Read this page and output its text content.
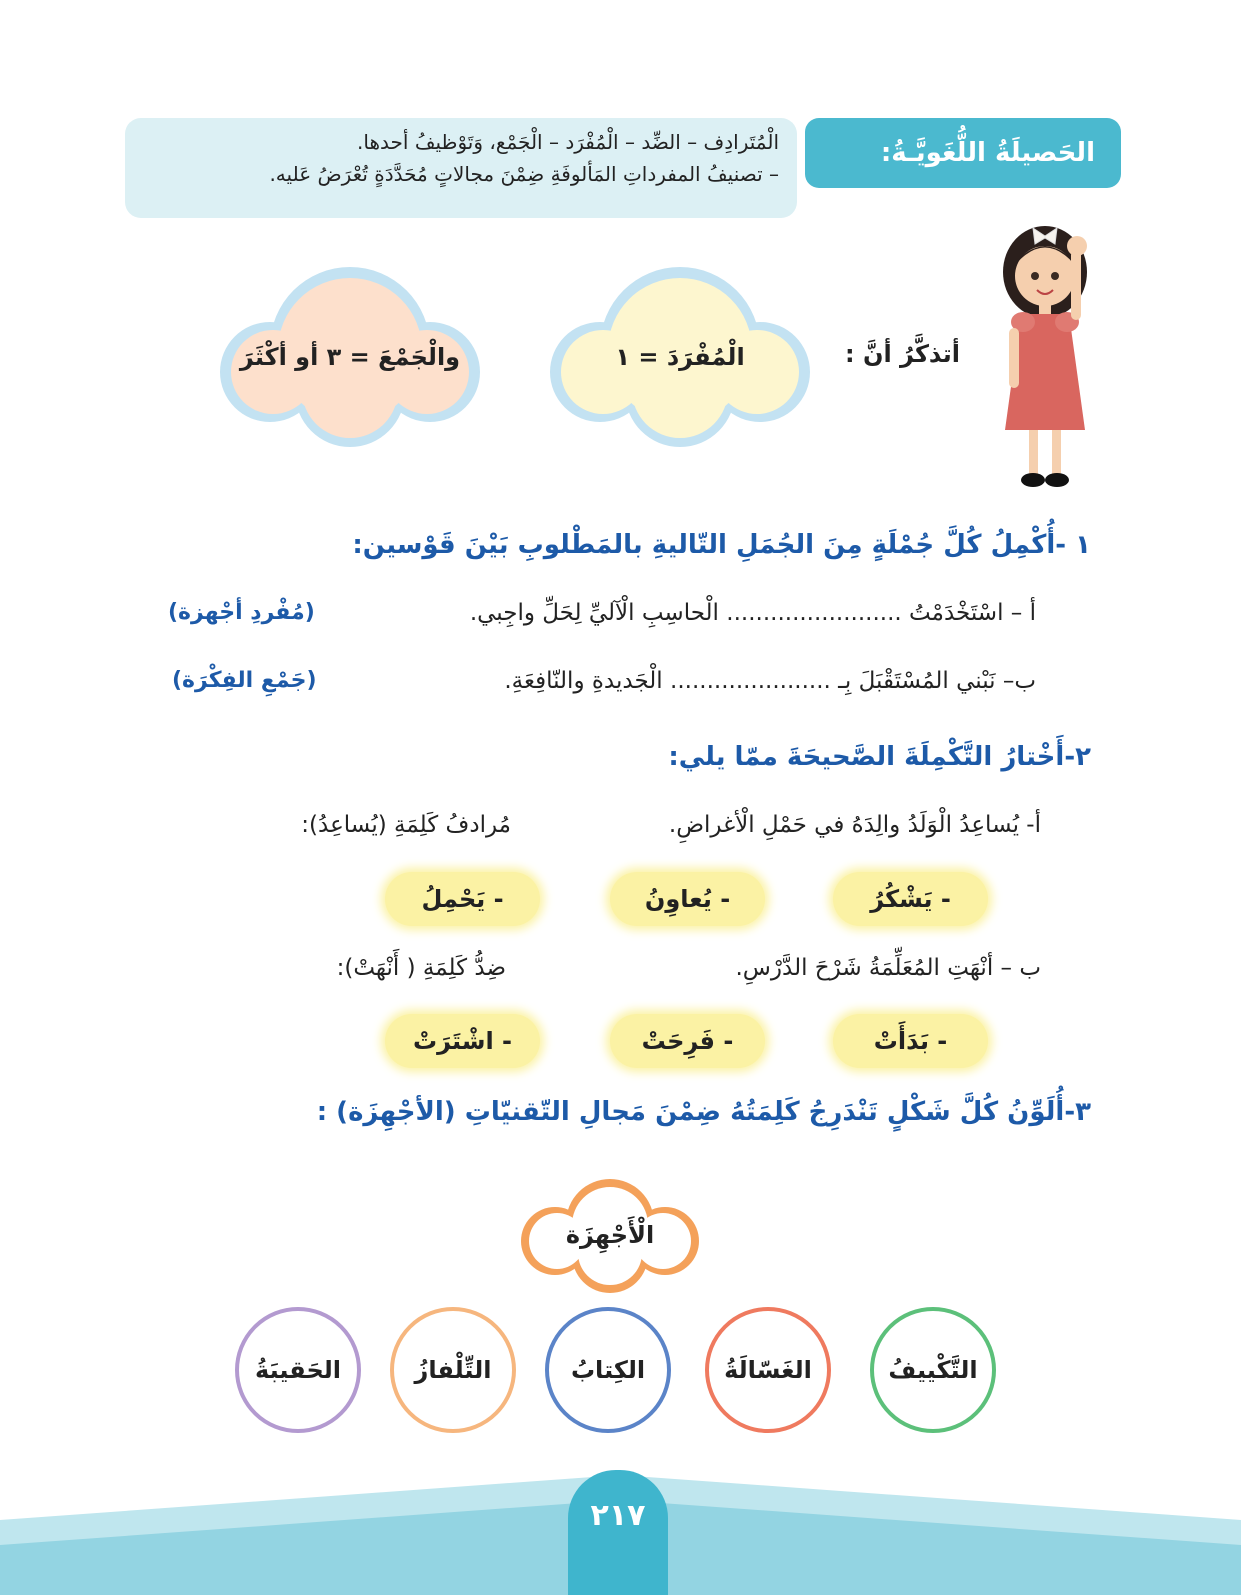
الحَصيلَةُ اللُّغَويَّـةُ:
الْمُتَرادِف – الضِّد – الْمُفْرَد – الْجَمْع، وَتَوْظيفُ أحدها.
– تصنيفُ المفرداتِ المَألوفَةِ ضِمْنَ مجالاتٍ مُحَدَّدَةٍ تُعْرَضُ عَليه.
أتذكَّرُ أنَّ :
الْمُفْرَدَ = ١
والْجَمْعَ = ٣ أو أكْثَرَ
١ -أُكْمِلُ كُلَّ جُمْلَةٍ مِنَ الجُمَلِ التّاليةِ بالمَطْلوبِ بَيْنَ قَوْسين:
أ – اسْتَخْدَمْتُ ........................ الْحاسِبِ الْآليِّ لِحَلِّ واجِبي.
(مُفْردِ أجْهزة)
ب– نَبْني المُسْتَقْبَلَ بِـ ...................... الْجَديدةِ والنّافِعَةِ.
(جَمْعِ الفِكْرَة)
٢-أَخْتارُ التَّكْمِلَةَ الصَّحيحَةَ ممّا يلي:
أ- يُساعِدُ الْوَلَدُ والِدَهُ في حَمْلِ الْأغراضِ.
مُرادفُ كَلِمَةِ (يُساعِدُ):
- يَشْكُرُ
- يُعاوِنُ
- يَحْمِلُ
ب – أنْهَتِ المُعَلِّمَةُ شَرْحَ الدَّرْسِ.
ضِدُّ كَلِمَةِ ( أَنْهَتْ):
- بَدَأَتْ
- فَرِحَتْ
- اشْتَرَتْ
٣-أُلَوِّنُ كُلَّ شَكْلٍ تَنْدَرِجُ كَلِمَتُهُ ضِمْنَ مَجالِ التّقنيّاتِ (الأجْهِزَة) :
الْأَجْهِزَة
التَّكْييفُ
الغَسّالَةُ
الكِتابُ
التِّلْفازُ
الحَقيبَةُ
٢١٧
